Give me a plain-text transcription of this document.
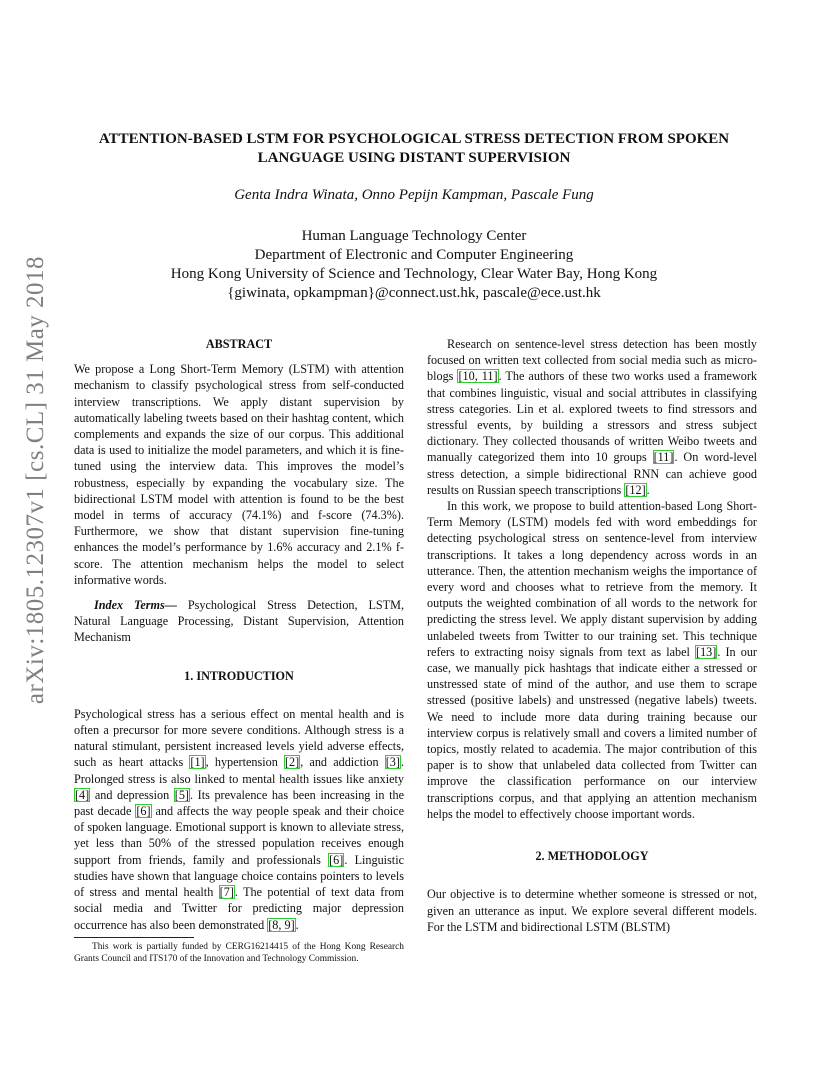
arXiv:1805.12307v1 [cs.CL] 31 May 2018
ATTENTION-BASED LSTM FOR PSYCHOLOGICAL STRESS DETECTION FROM SPOKEN LANGUAGE USING DISTANT SUPERVISION
Genta Indra Winata, Onno Pepijn Kampman, Pascale Fung
Human Language Technology Center
Department of Electronic and Computer Engineering
Hong Kong University of Science and Technology, Clear Water Bay, Hong Kong
{giwinata, opkampman}@connect.ust.hk, pascale@ece.ust.hk
ABSTRACT

We propose a Long Short-Term Memory (LSTM) with attention mechanism to classify psychological stress from self-conducted interview transcriptions. We apply distant supervision by automatically labeling tweets based on their hashtag content, which complements and expands the size of our corpus. This additional data is used to initialize the model parameters, and which it is fine-tuned using the interview data. This improves the model’s robustness, especially by expanding the vocabulary size. The bidirectional LSTM model with attention is found to be the best model in terms of accuracy (74.1%) and f-score (74.3%). Furthermore, we show that distant supervision fine-tuning enhances the model’s performance by 1.6% accuracy and 2.1% f-score. The attention mechanism helps the model to select informative words.

Index Terms— Psychological Stress Detection, LSTM, Natural Language Processing, Distant Supervision, Attention Mechanism

1. INTRODUCTION

Psychological stress has a serious effect on mental health and is often a precursor for more severe conditions. Although stress is a natural stimulant, persistent increased levels yield adverse effects, such as heart attacks [1], hypertension [2], and addiction [3]. Prolonged stress is also linked to mental health issues like anxiety [4] and depression [5]. Its prevalence has been increasing in the past decade [6] and affects the way people speak and their choice of spoken language. Emotional support is known to alleviate stress, yet less than 50% of the stressed population receives enough support from friends, family and professionals [6]. Linguistic studies have shown that language choice contains pointers to levels of stress and mental health [7]. The potential of text data from social media and Twitter for predicting major depression occurrence has also been demonstrated [8, 9].

Research on sentence-level stress detection has been mostly focused on written text collected from social media such as micro-blogs [10, 11]. The authors of these two works used a framework that combines linguistic, visual and social attributes in classifying stress categories. Lin et al. explored tweets to find stressors and stressful events, by building a stressors and stress subject dictionary. They collected thousands of written Weibo tweets and manually categorized them into 10 groups [11]. On word-level stress detection, a simple bidirectional RNN can achieve good results on Russian speech transcriptions [12].

In this work, we propose to build attention-based Long Short-Term Memory (LSTM) models fed with word embeddings for detecting psychological stress on sentence-level from interview transcriptions. It takes a long dependency across words in an utterance. Then, the attention mechanism weighs the importance of every word and chooses what to retrieve from the memory. It outputs the weighted combination of all words to the network for predicting the stress level. We apply distant supervision by adding unlabeled tweets from Twitter to our training set. This technique refers to extracting noisy signals from text as label [13]. In our case, we manually pick hashtags that indicate either a stressed or unstressed state of mind of the author, and use them to scrape stressed (positive labels) and unstressed (negative labels) tweets. We need to include more data during training because our interview corpus is relatively small and covers a limited number of topics, mostly related to academia. The major contribution of this paper is to show that unlabeled data collected from Twitter can improve the classification performance on our interview transcriptions corpus, and that applying an attention mechanism helps the model to effectively choose important words.

2. METHODOLOGY

Our objective is to determine whether someone is stressed or not, given an utterance as input. We explore several different models. For the LSTM and bidirectional LSTM (BLSTM)

This work is partially funded by CERG16214415 of the Hong Kong Research Grants Council and ITS170 of the Innovation and Technology Commission.
